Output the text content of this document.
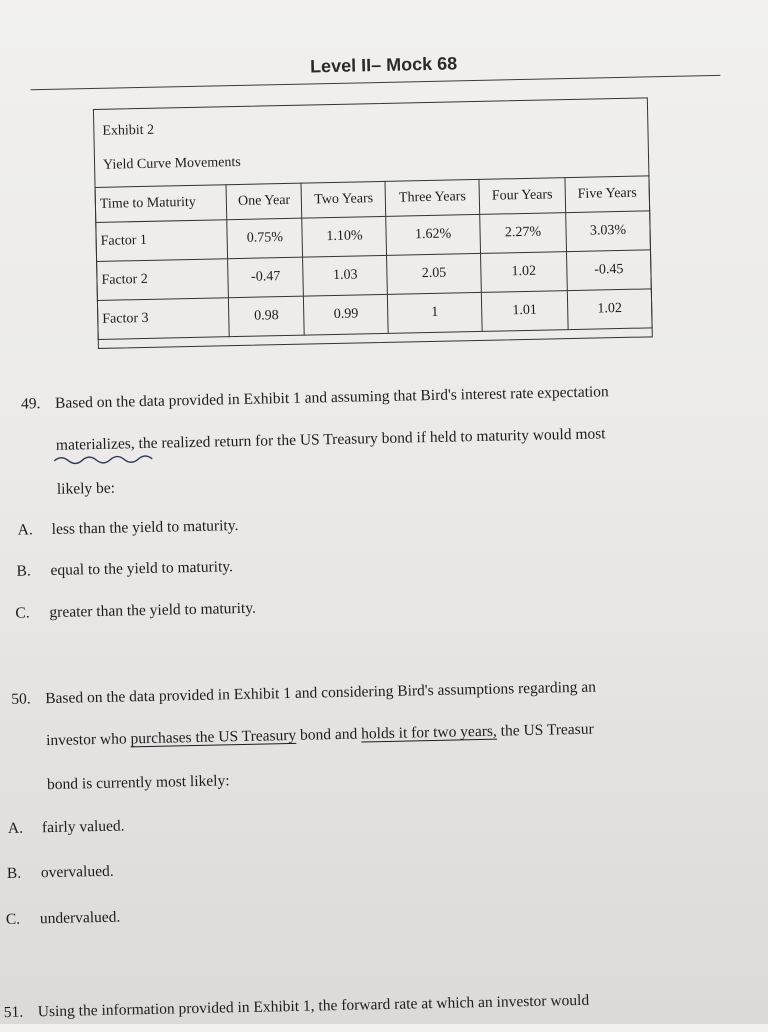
Level II– Mock 68
Exhibit 2
Yield Curve Movements
Time to Maturity	One Year	Two Years	Three Years	Four Years	Five Years
Factor 1	0.75%	1.10%	1.62%	2.27%	3.03%
Factor 2	-0.47	1.03	2.05	1.02	-0.45
Factor 3	0.98	0.99	1	1.01	1.02
49. Based on the data provided in Exhibit 1 and assuming that Bird's interest rate expectation
materializes, the realized return for the US Treasury bond if held to maturity would most
likely be:
A. less than the yield to maturity.
B. equal to the yield to maturity.
C. greater than the yield to maturity.
50. Based on the data provided in Exhibit 1 and considering Bird's assumptions regarding an
investor who purchases the US Treasury bond and holds it for two years, the US Treasur
bond is currently most likely:
A. fairly valued.
B. overvalued.
C. undervalued.
51. Using the information provided in Exhibit 1, the forward rate at which an investor would
